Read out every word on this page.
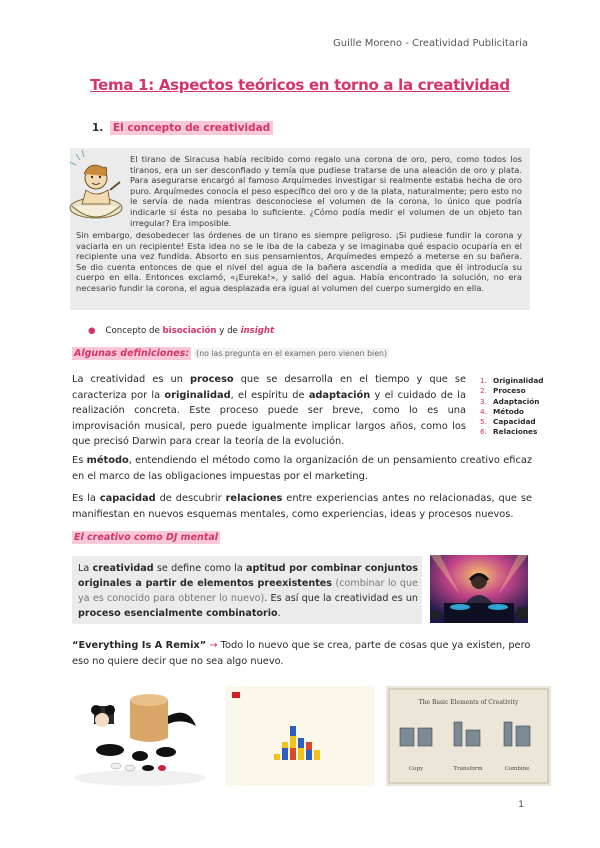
Guille Moreno - Creatividad Publicitaria
Tema 1: Aspectos teóricos en torno a la creatividad
1. El concepto de creatividad
El tirano de Siracusa había recibido como regalo una corona de oro, pero, como todos los tiranos, era un ser desconfiado y temía que pudiese tratarse de una aleación de oro y plata. Para asegurarse encargó al famoso Arquímedes investigar si realmente estaba hecha de oro puro. Arquímedes conocía el peso específico del oro y de la plata, naturalmente; pero esto no le servía de nada mientras desconociese el volumen de la corona, lo único que podría indicarle si ésta no pesaba lo suficiente. ¿Cómo podía medir el volumen de un objeto tan irregular? Era imposible.
Sin embargo, desobedecer las órdenes de un tirano es siempre peligroso. ¡Si pudiese fundir la corona y vaciarla en un recipiente! Esta idea no se le iba de la cabeza y se imaginaba qué espacio ocuparía en el recipiente una vez fundida. Absorto en sus pensamientos, Arquímedes empezó a meterse en su bañera. Se dio cuenta entonces de que el nivel del agua de la bañera ascendía a medida que él introducía su cuerpo en ella. Entonces exclamó, «¡Eureka!», y salió del agua. Había encontrado la solución, no era necesario fundir la corona, el agua desplazada era igual al volumen del cuerpo sumergido en ella.
● Concepto de bisociación y de insight
Algunas definiciones: (no las pregunta en el examen pero vienen bien)
La creatividad es un proceso que se desarrolla en el tiempo y que se caracteriza por la originalidad, el espíritu de adaptación y el cuidado de la realización concreta. Este proceso puede ser breve, como lo es una improvisación musical, pero puede igualmente implicar largos años, como los que precisó Darwin para crear la teoría de la evolución.
1. Originalidad
2. Proceso
3. Adaptación
4. Método
5. Capacidad
6. Relaciones
Es método, entendiendo el método como la organización de un pensamiento creativo eficaz en el marco de las obligaciones impuestas por el marketing.
Es la capacidad de descubrir relaciones entre experiencias antes no relacionadas, que se manifiestan en nuevos esquemas mentales, como experiencias, ideas y procesos nuevos.
El creativo como DJ mental
La creatividad se define como la aptitud por combinar conjuntos originales a partir de elementos preexistentes (combinar lo que ya es conocido para obtener lo nuevo). Es así que la creatividad es un proceso esencialmente combinatorio.
“Everything Is A Remix” → Todo lo nuevo que se crea, parte de cosas que ya existen, pero eso no quiere decir que no sea algo nuevo.
The Basic Elements of Creativity
Copy	Transform	Combine
1
